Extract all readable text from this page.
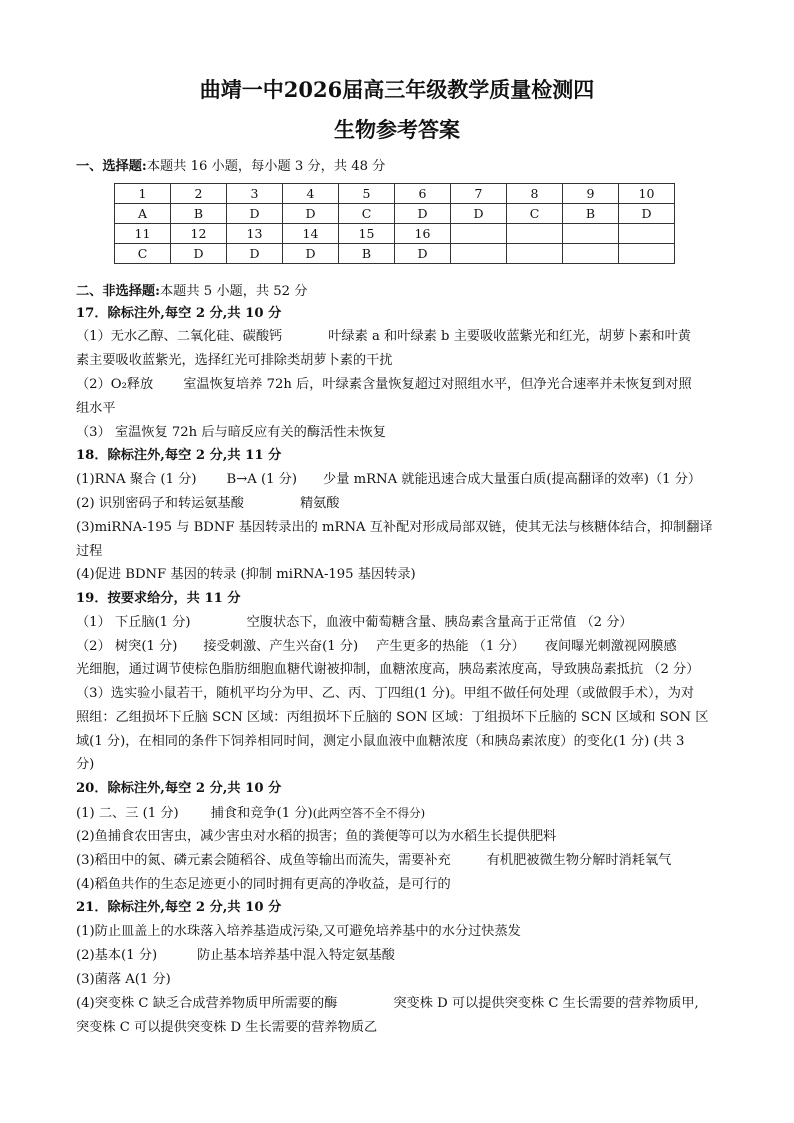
曲靖一中2026届高三年级教学质量检测四
生物参考答案
一、选择题:本题共 16 小题，每小题 3 分，共 48 分
1	2	3	4	5	6	7	8	9	10
A	B	D	D	C	D	D	C	B	D
11	12	13	14	15	16				
C	D	D	D	B	D				
二、非选择题:本题共 5 小题，共 52 分
17．除标注外,每空 2 分,共 10 分
（1）无水乙醇、二氧化硅、碳酸钙	叶绿素 a 和叶绿素 b 主要吸收蓝紫光和红光，胡萝卜素和叶黄
素主要吸收蓝紫光，选择红光可排除类胡萝卜素的干扰
（2）O₂释放 室温恢复培养 72h 后，叶绿素含量恢复超过对照组水平，但净光合速率并未恢复到对照
组水平
（3） 室温恢复 72h 后与暗反应有关的酶活性未恢复
18．除标注外,每空 2 分,共 11 分
(1)RNA 聚合 (1 分) B→A (1 分) 少量 mRNA 就能迅速合成大量蛋白质(提高翻译的效率)（1 分）
(2) 识别密码子和转运氨基酸	精氨酸
(3)miRNA-195 与 BDNF 基因转录出的 mRNA 互补配对形成局部双链，使其无法与核糖体结合，抑制翻译
过程
(4)促进 BDNF 基因的转录 (抑制 miRNA-195 基因转录)
19．按要求给分，共 11 分
（1） 下丘脑(1 分)	空腹状态下，血液中葡萄糖含量、胰岛素含量高于正常值 （2 分）
（2） 树突(1 分) 接受刺激、产生兴奋(1 分) 产生更多的热能 （1 分） 夜间曝光刺激视网膜感
光细胞，通过调节使棕色脂肪细胞血糖代谢被抑制，血糖浓度高，胰岛素浓度高，导致胰岛素抵抗 （2 分）
（3）选实验小鼠若干，随机平均分为甲、乙、丙、丁四组(1 分)。甲组不做任何处理（或做假手术），为对
照组：乙组损坏下丘脑 SCN 区域：丙组损坏下丘脑的 SON 区域：丁组损坏下丘脑的 SCN 区域和 SON 区
域(1 分)，在相同的条件下饲养相同时间，测定小鼠血液中血糖浓度（和胰岛素浓度）的变化(1 分) (共 3
分)
20．除标注外,每空 2 分,共 10 分
(1) 二、三 (1 分) 捕食和竞争(1 分)(此两空答不全不得分)
(2)鱼捕食农田害虫，减少害虫对水稻的损害；鱼的粪便等可以为水稻生长提供肥料
(3)稻田中的氮、磷元素会随稻谷、成鱼等输出而流失，需要补充	有机肥被微生物分解时消耗氧气
(4)稻鱼共作的生态足迹更小的同时拥有更高的净收益，是可行的
21．除标注外,每空 2 分,共 10 分
(1)防止皿盖上的水珠落入培养基造成污染,又可避免培养基中的水分过快蒸发
(2)基本(1 分)	防止基本培养基中混入特定氨基酸
(3)菌落 A(1 分)
(4)突变株 C 缺乏合成营养物质甲所需要的酶	突变株 D 可以提供突变株 C 生长需要的营养物质甲,
突变株 C 可以提供突变株 D 生长需要的营养物质乙
